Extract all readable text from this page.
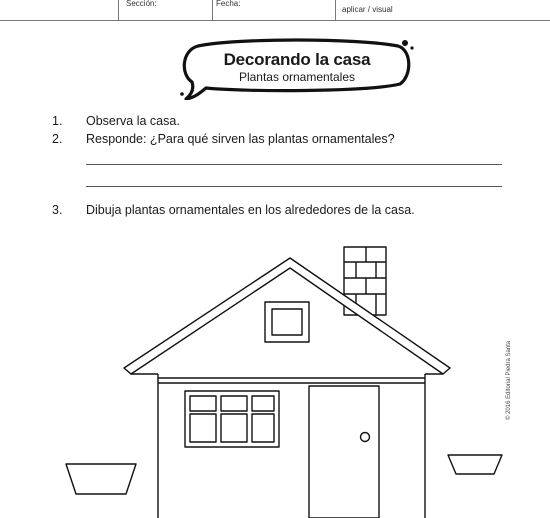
Sección:	Fecha:
aplicar / visual
Decorando la casa
Plantas ornamentales
1. Observa la casa.
2. Responde: ¿Para qué sirven las plantas ornamentales?
3. Dibuja plantas ornamentales en los alrededores de la casa.
© 2016 Editorial Piedra Santa
